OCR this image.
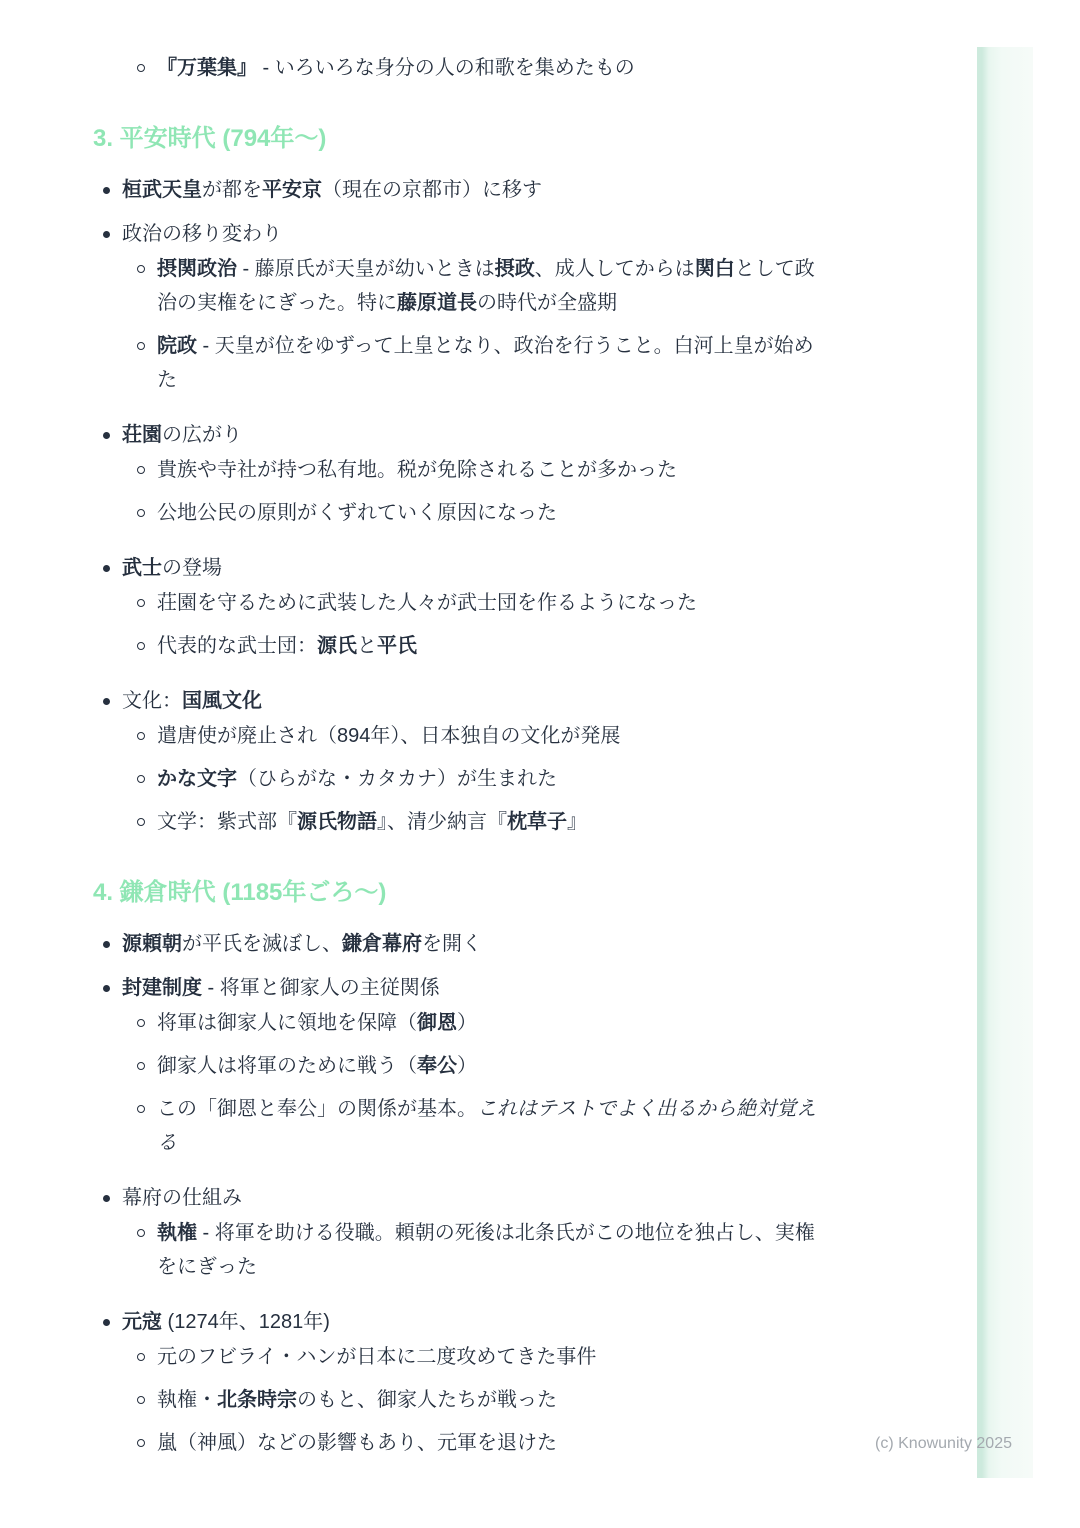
『万葉集』 - いろいろな身分の人の和歌を集めたもの
3. 平安時代 (794年〜)
桓武天皇が都を平安京（現在の京都市）に移す
政治の移り変わり
摂関政治 - 藤原氏が天皇が幼いときは摂政、成人してからは関白として政治の実権をにぎった。特に藤原道長の時代が全盛期
院政 - 天皇が位をゆずって上皇となり、政治を行うこと。白河上皇が始めた
荘園の広がり
貴族や寺社が持つ私有地。税が免除されることが多かった
公地公民の原則がくずれていく原因になった
武士の登場
荘園を守るために武装した人々が武士団を作るようになった
代表的な武士団：源氏と平氏
文化：国風文化
遣唐使が廃止され（894年）、日本独自の文化が発展
かな文字（ひらがな・カタカナ）が生まれた
文学：紫式部『源氏物語』、清少納言『枕草子』
4. 鎌倉時代 (1185年ごろ〜)
源頼朝が平氏を滅ぼし、鎌倉幕府を開く
封建制度 - 将軍と御家人の主従関係
将軍は御家人に領地を保障（御恩）
御家人は将軍のために戦う（奉公）
この「御恩と奉公」の関係が基本。これはテストでよく出るから絶対覚える
幕府の仕組み
執権 - 将軍を助ける役職。頼朝の死後は北条氏がこの地位を独占し、実権をにぎった
元寇 (1274年、1281年)
元のフビライ・ハンが日本に二度攻めてきた事件
執権・北条時宗のもと、御家人たちが戦った
嵐（神風）などの影響もあり、元軍を退けた	(c) Knowunity 2025
